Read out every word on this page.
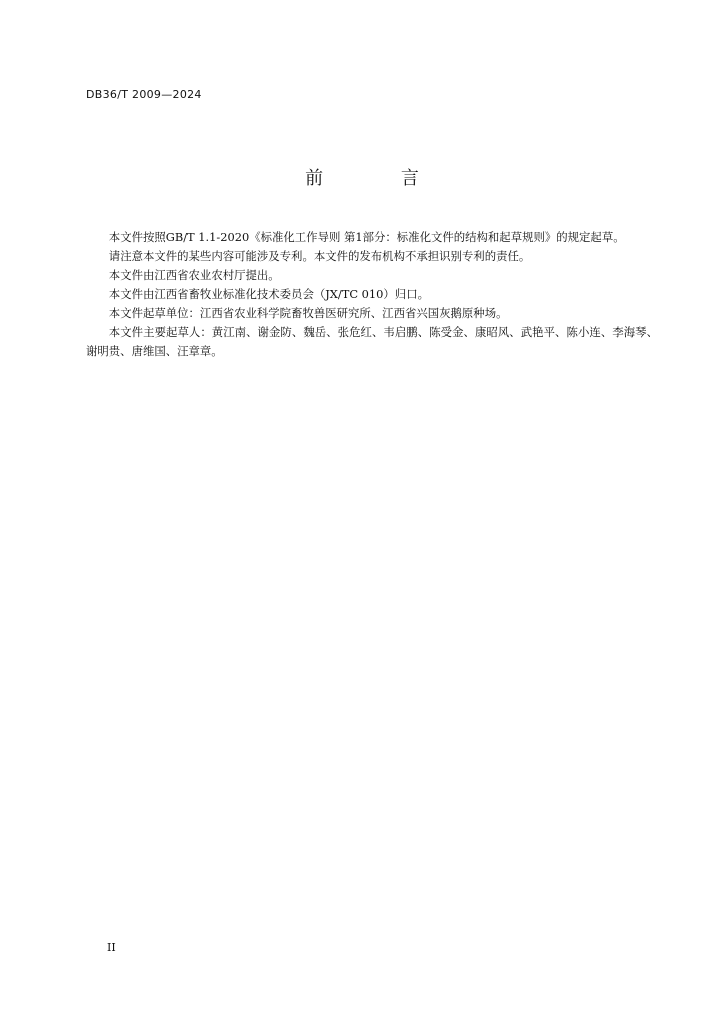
DB36/T 2009—2024
前 言

本文件按照GB/T 1.1-2020《标准化工作导则 第1部分：标准化文件的结构和起草规则》的规定起草。

请注意本文件的某些内容可能涉及专利。本文件的发布机构不承担识别专利的责任。

本文件由江西省农业农村厅提出。

本文件由江西省畜牧业标准化技术委员会（JX/TC 010）归口。

本文件起草单位：江西省农业科学院畜牧兽医研究所、江西省兴国灰鹅原种场。

本文件主要起草人：黄江南、谢金防、魏岳、张危红、韦启鹏、陈受金、康昭风、武艳平、陈小连、李海琴、谢明贵、唐维国、汪章章。

II
